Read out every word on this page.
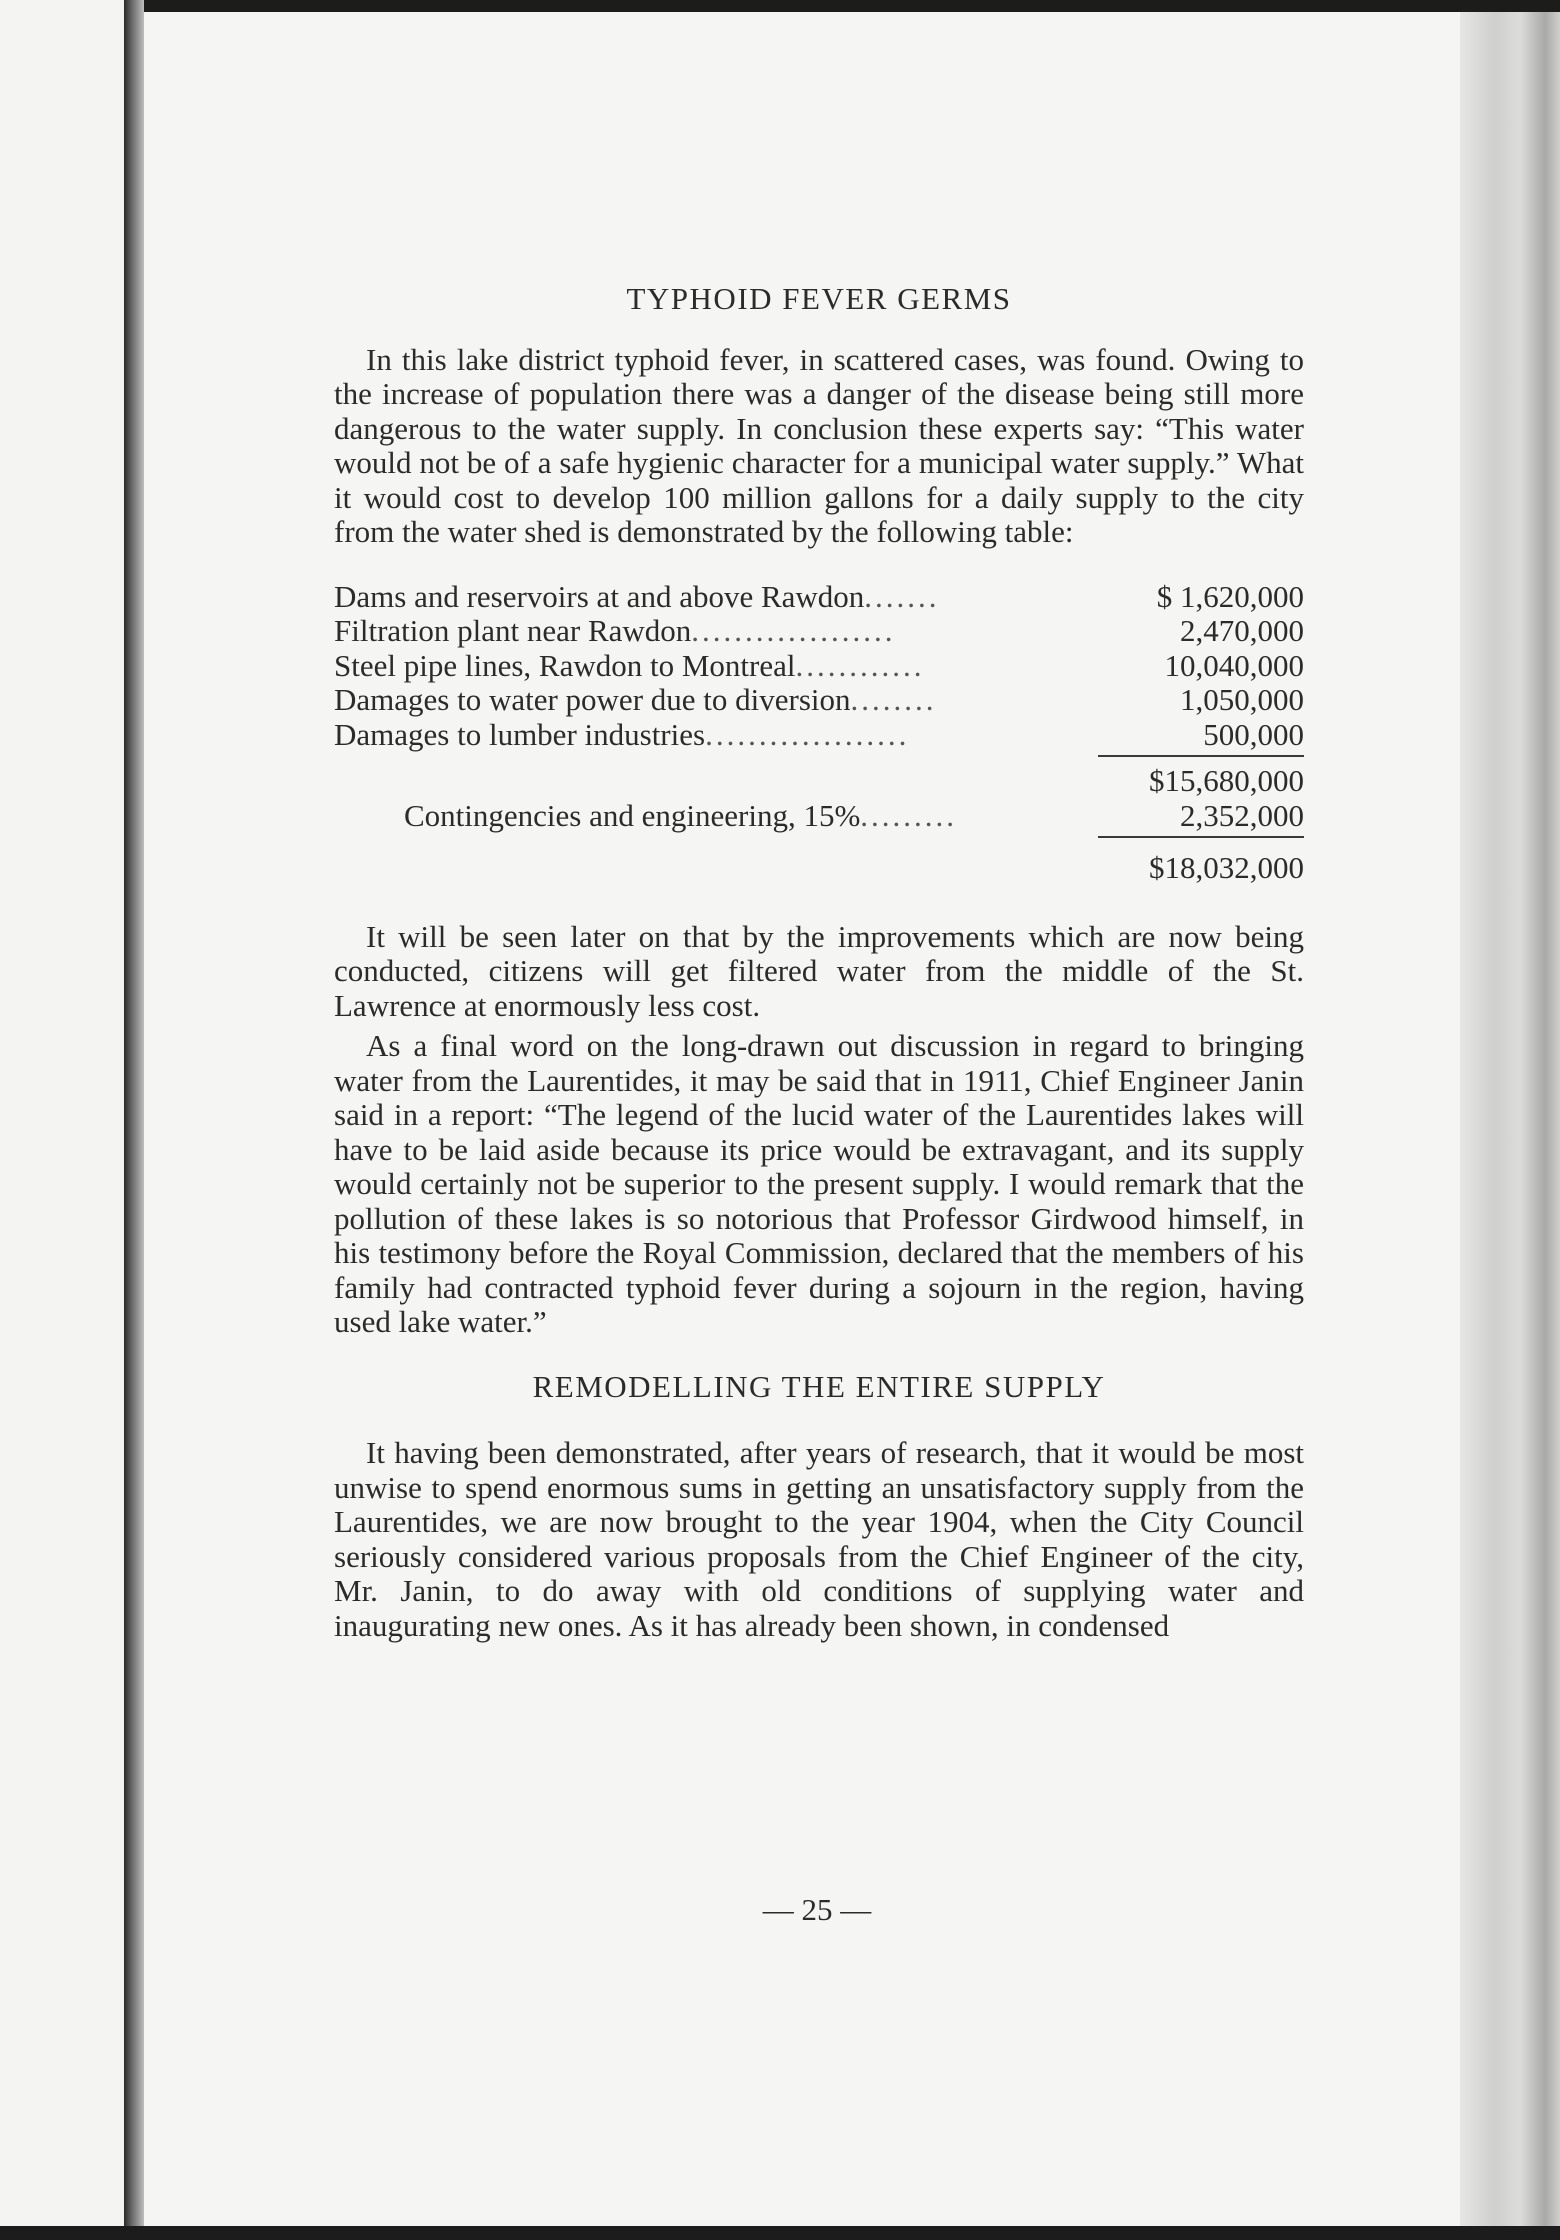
TYPHOID FEVER GERMS

In this lake district typhoid fever, in scattered cases, was found. Owing to the increase of population there was a danger of the disease being still more dangerous to the water supply. In conclusion these experts say: “This water would not be of a safe hygienic character for a municipal water supply.” What it would cost to develop 100 million gallons for a daily supply to the city from the water shed is demonstrated by the following table:

Dams and reservoirs at and above Rawdon.......	$ 1,620,000
Filtration plant near Rawdon...................	2,470,000
Steel pipe lines, Rawdon to Montreal............	10,040,000
Damages to water power due to diversion........	1,050,000
Damages to lumber industries...................	500,000
$15,680,000
Contingencies and engineering, 15%.........	2,352,000
$18,032,000

It will be seen later on that by the improvements which are now being conducted, citizens will get filtered water from the middle of the St. Lawrence at enormously less cost.

As a final word on the long-drawn out discussion in regard to bringing water from the Laurentides, it may be said that in 1911, Chief Engineer Janin said in a report: “The legend of the lucid water of the Laurentides lakes will have to be laid aside because its price would be extravagant, and its supply would certainly not be superior to the present supply. I would remark that the pollution of these lakes is so notorious that Professor Girdwood himself, in his testimony before the Royal Commission, declared that the members of his family had contracted typhoid fever during a sojourn in the region, having used lake water.”

REMODELLING THE ENTIRE SUPPLY

It having been demonstrated, after years of research, that it would be most unwise to spend enormous sums in getting an unsatisfactory supply from the Laurentides, we are now brought to the year 1904, when the City Council seriously considered various proposals from the Chief Engineer of the city, Mr. Janin, to do away with old conditions of supplying water and inaugurating new ones. As it has already been shown, in condensed

— 25 —
